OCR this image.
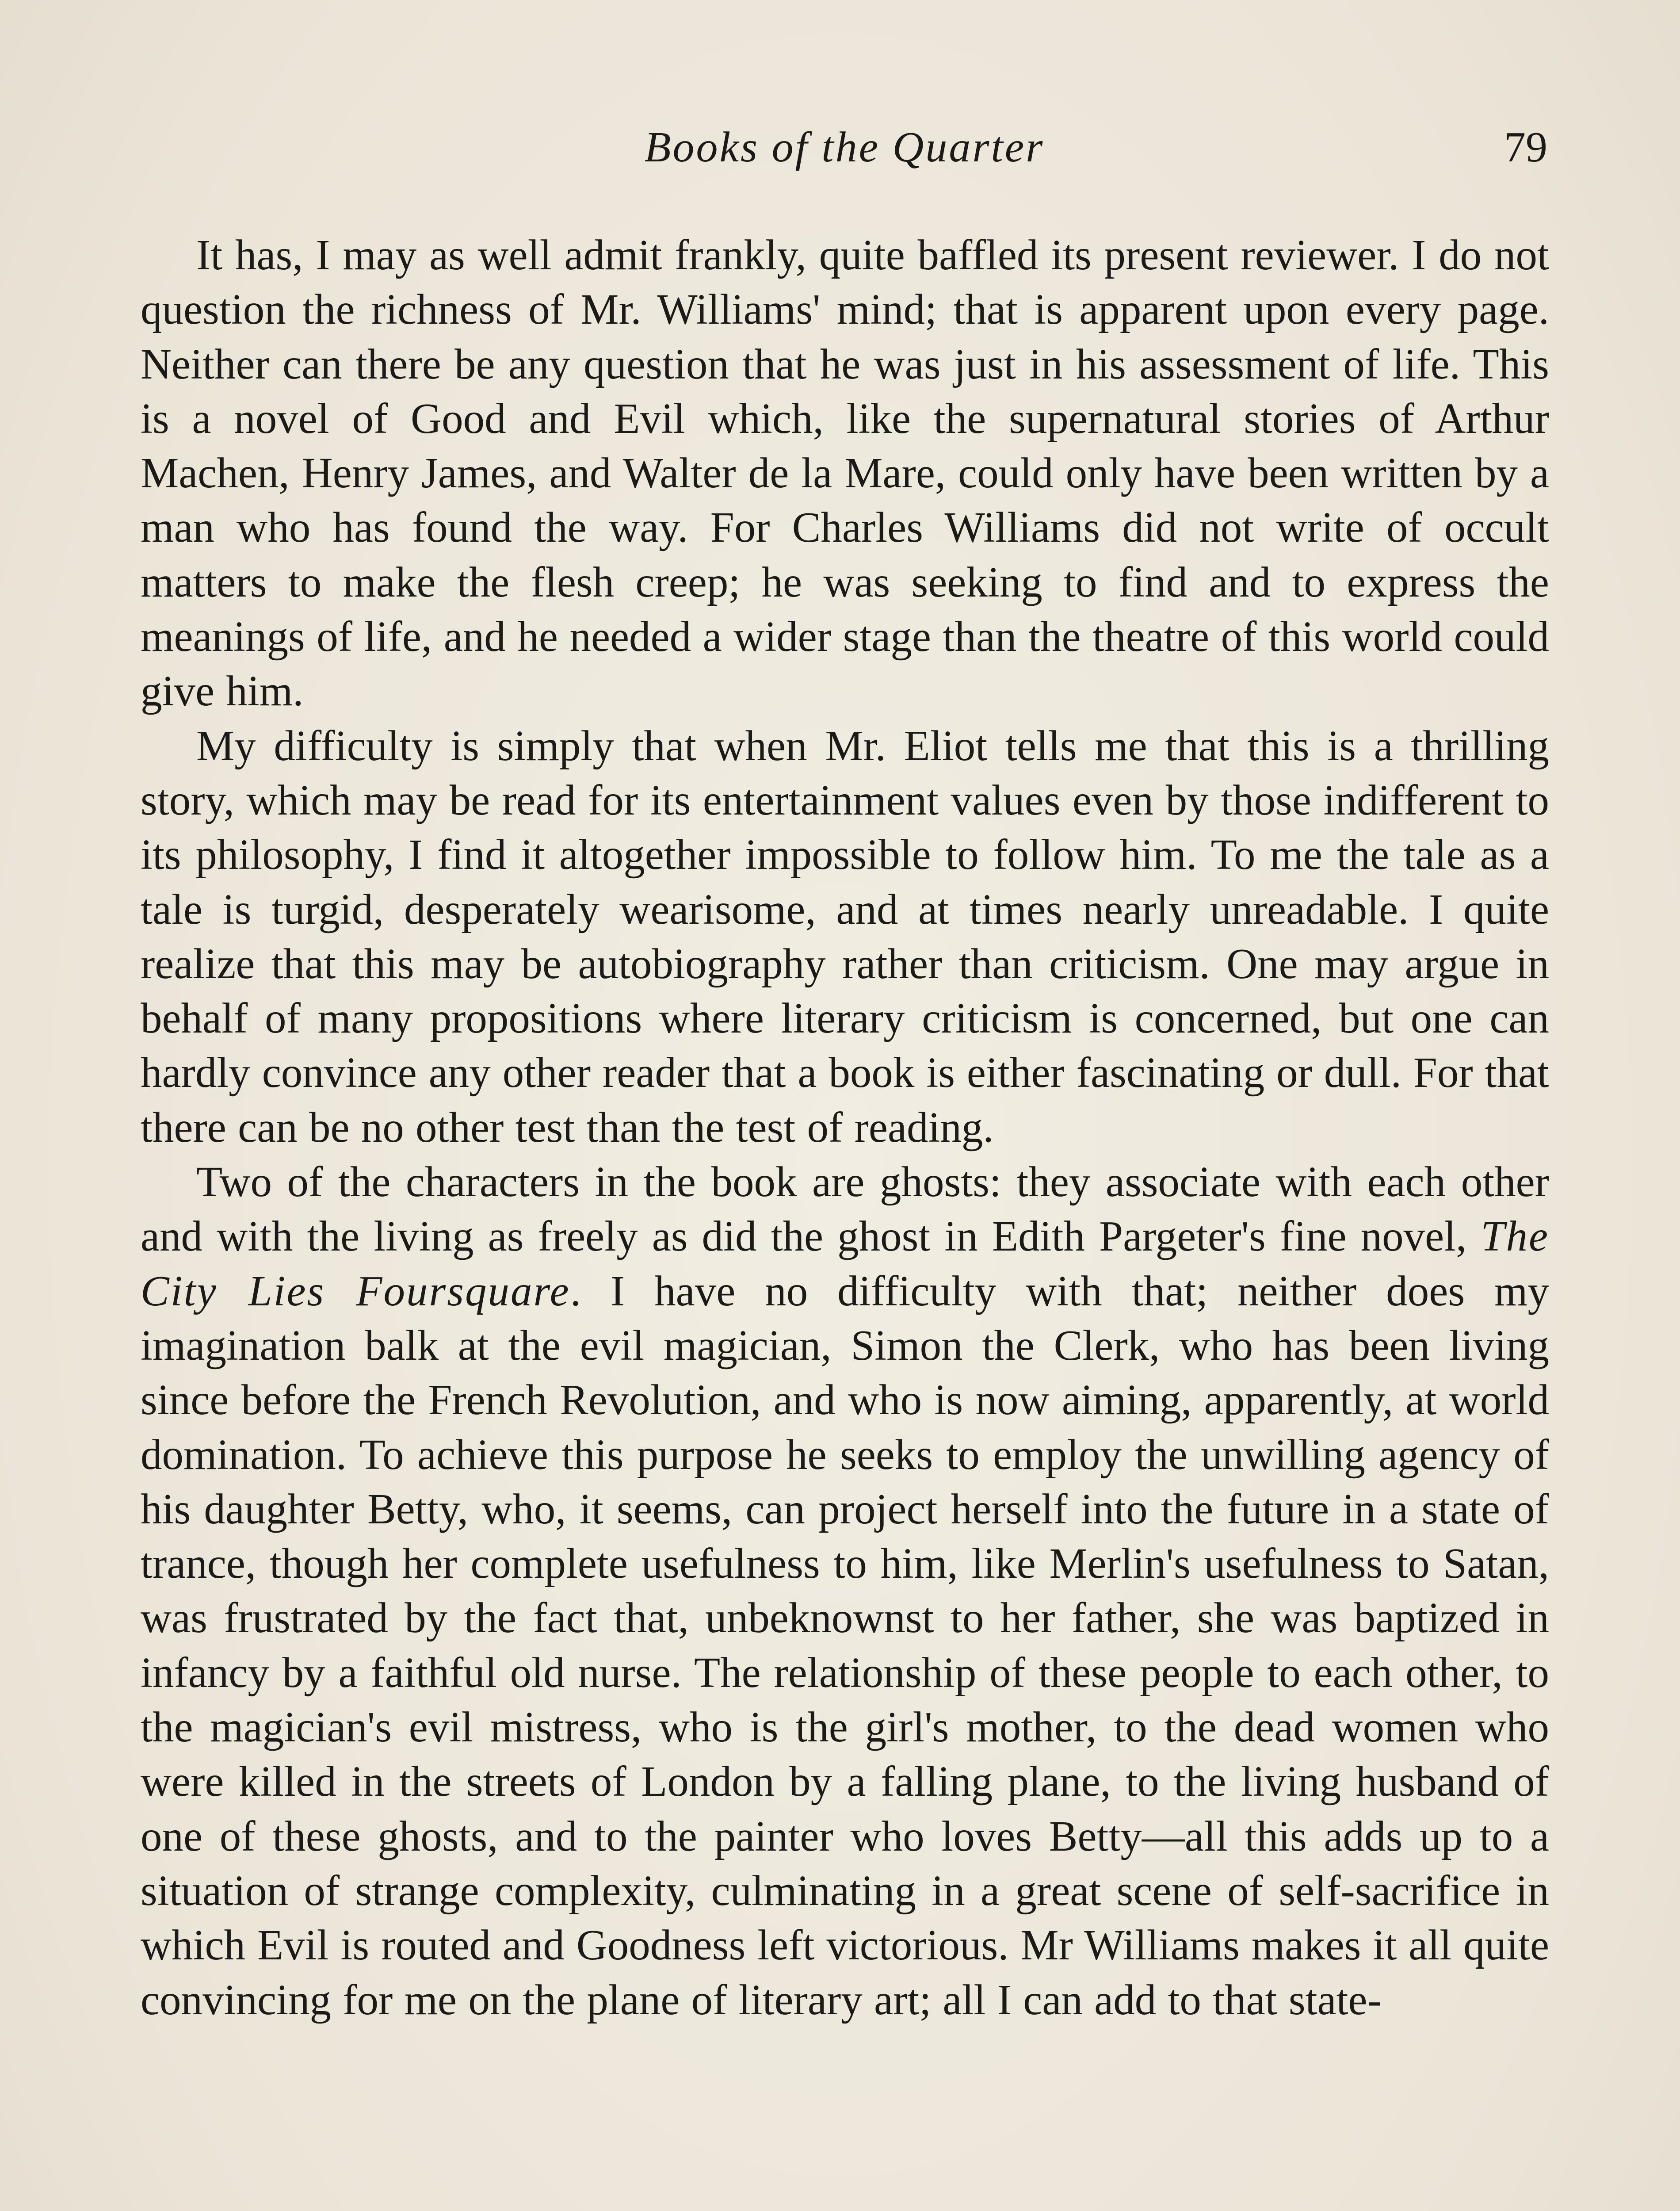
Books of the Quarter	79

It has, I may as well admit frankly, quite baffled its present reviewer. I do not question the richness of Mr. Williams' mind; that is apparent upon every page. Neither can there be any question that he was just in his assessment of life. This is a novel of Good and Evil which, like the supernatural stories of Arthur Machen, Henry James, and Walter de la Mare, could only have been written by a man who has found the way. For Charles Williams did not write of occult matters to make the flesh creep; he was seeking to find and to express the meanings of life, and he needed a wider stage than the theatre of this world could give him.

My difficulty is simply that when Mr. Eliot tells me that this is a thrilling story, which may be read for its entertainment values even by those indifferent to its philosophy, I find it altogether impossible to follow him. To me the tale as a tale is turgid, desperately wearisome, and at times nearly unreadable. I quite realize that this may be autobiography rather than criticism. One may argue in behalf of many propositions where literary criticism is concerned, but one can hardly convince any other reader that a book is either fascinating or dull. For that there can be no other test than the test of reading.

Two of the characters in the book are ghosts: they associate with each other and with the living as freely as did the ghost in Edith Pargeter's fine novel, The City Lies Foursquare. I have no difficulty with that; neither does my imagination balk at the evil magician, Simon the Clerk, who has been living since before the French Revolution, and who is now aiming, apparently, at world domination. To achieve this purpose he seeks to employ the unwilling agency of his daughter Betty, who, it seems, can project herself into the future in a state of trance, though her complete usefulness to him, like Merlin's usefulness to Satan, was frustrated by the fact that, unbeknownst to her father, she was baptized in infancy by a faithful old nurse. The relationship of these people to each other, to the magician's evil mistress, who is the girl's mother, to the dead women who were killed in the streets of London by a falling plane, to the living husband of one of these ghosts, and to the painter who loves Betty—all this adds up to a situation of strange complexity, culminating in a great scene of self-sacrifice in which Evil is routed and Goodness left victorious. Mr Williams makes it all quite convincing for me on the plane of literary art; all I can add to that state-
